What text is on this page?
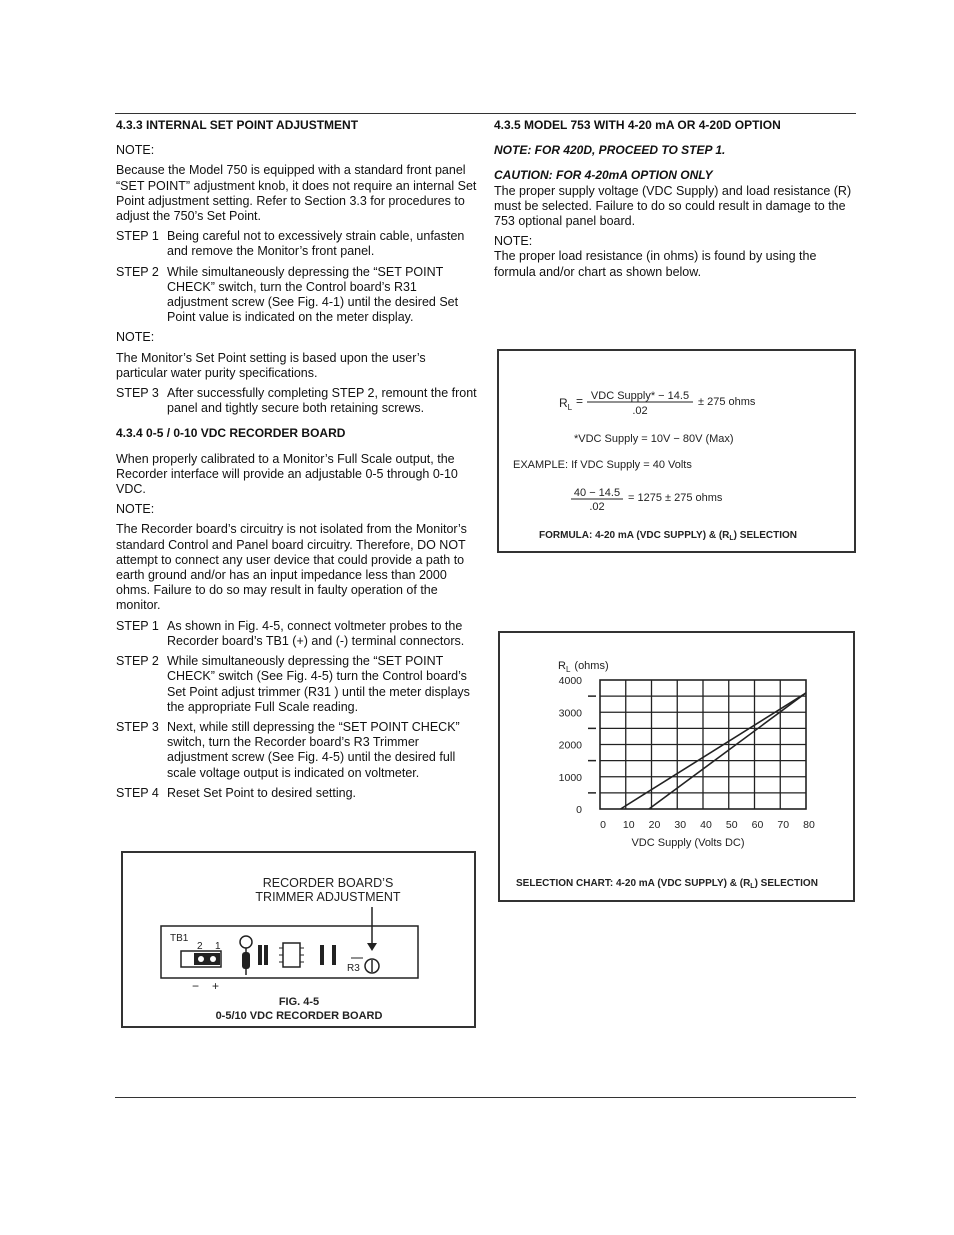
4.3.3 INTERNAL SET POINT ADJUSTMENT
NOTE:
Because the Model 750 is equipped with a standard front panel “SET POINT” adjustment knob, it does not require an internal Set Point adjustment setting. Refer to Section 3.3 for procedures to adjust the 750’s Set Point.
STEP 1 Being careful not to excessively strain cable, unfasten and remove the Monitor’s front panel.
STEP 2 While simultaneously depressing the “SET POINT CHECK” switch, turn the Control board’s R31 adjustment screw (See Fig. 4-1) until the desired Set Point value is indicated on the meter display.
NOTE:
The Monitor’s Set Point setting is based upon the user’s particular water purity specifications.
STEP 3 After successfully completing STEP 2, remount the front panel and tightly secure both retaining screws.
4.3.4 0-5 / 0-10 VDC RECORDER BOARD
When properly calibrated to a Monitor’s Full Scale output, the Recorder interface will provide an adjustable 0-5 through 0-10 VDC.
NOTE:
The Recorder board’s circuitry is not isolated from the Monitor’s standard Control and Panel board circuitry. Therefore, DO NOT attempt to connect any user device that could provide a path to earth ground and/or has an input impedance less than 2000 ohms. Failure to do so may result in faulty operation of the monitor.
STEP 1 As shown in Fig. 4-5, connect voltmeter probes to the Recorder board’s TB1 (+) and (-) terminal connectors.
STEP 2 While simultaneously depressing the “SET POINT CHECK” switch (See Fig. 4-5) turn the Control board’s Set Point adjust trimmer (R31 ) until the meter displays the appropriate Full Scale reading.
STEP 3 Next, while still depressing the “SET POINT CHECK” switch, turn the Recorder board’s R3 Trimmer adjustment screw (See Fig. 4-5) until the desired full scale voltage output is indicated on voltmeter.
STEP 4 Reset Set Point to desired setting.
RECORDER BOARD’S
TRIMMER ADJUSTMENT
TB1
2 1
R3
− +
FIG. 4-5
0-5/10 VDC RECORDER BOARD
4.3.5 MODEL 753 WITH 4-20 mA OR 4-20D OPTION
NOTE: FOR 420D, PROCEED TO STEP 1.
CAUTION: FOR 4-20mA OPTION ONLY
The proper supply voltage (VDC Supply) and load resistance (R) must be selected. Failure to do so could result in damage to the 753 optional panel board.
NOTE:
The proper load resistance (in ohms) is found by using the formula and/or chart as shown below.
$R_L$ = VDC Supply* − 14.5
.02
± 275 ohms
*VDC Supply = 10V − 80V (Max)
EXAMPLE: If VDC Supply = 40 Volts
40 − 14.5
.02
= 1275 ± 275 ohms
FORMULA: 4-20 mA (VDC SUPPLY) & $(R_L)$ SELECTION
$R_L$ (ohms)
0
1000
2000
3000
4000
0 10 20 30 40 50 60 70 80
VDC Supply (Volts DC)
SELECTION CHART: 4-20 mA (VDC SUPPLY) & $(R_L)$ SELECTION
